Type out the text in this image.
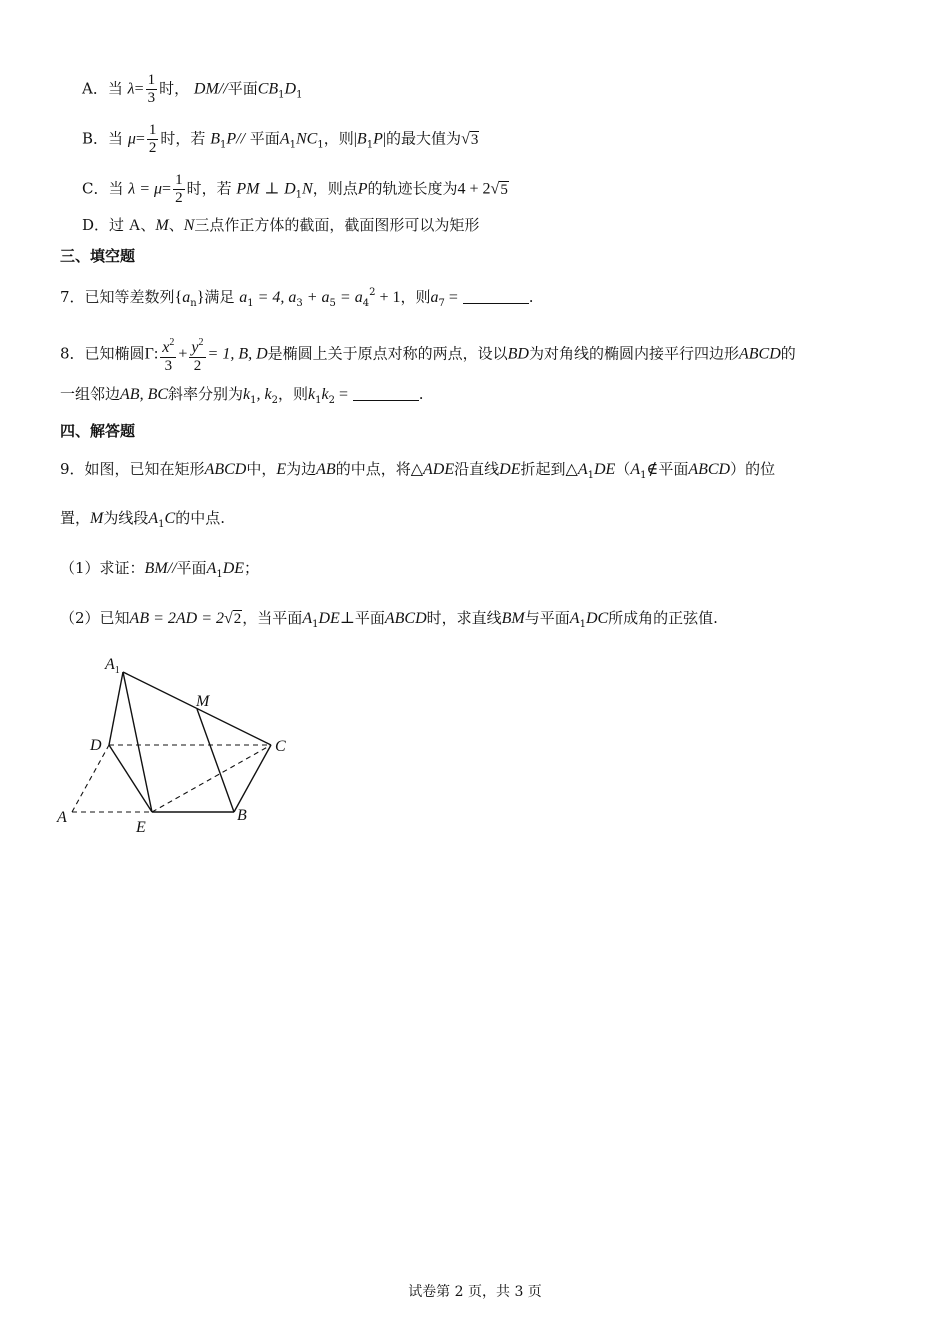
A．当 $\lambda= \frac{1}{3}$ 时， DM//平面$CB_1D_1$
B．当 $\mu= \frac{1}{2}$ 时，若 $B_1P//$ 平面$A_1NC_1$，则$|B_1P|$的最大值为√3
C．当 $\lambda = \mu= \frac{1}{2}$ 时，若 PM ⊥ $D_1N$，则点P的轨迹长度为4 + 2√5
D．过 A、M、N三点作正方体的截面，截面图形可以为矩形
三、填空题
7．已知等差数列$\{a_n\}$满足 $a_1 = 4$, $a_3 + a_5 = a_4^2 + 1$，则$a_7$ =	.
8．已知椭圆Γ: $\frac{x^2}{3} + \frac{y^2}{2} = 1$, B, D是椭圆上关于原点对称的两点，设以BD为对角线的椭圆内接平行四边形ABCD的
一组邻边AB, BC斜率分别为$k_1$, $k_2$，则$k_1k_2$ =	.
四、解答题
9．如图，已知在矩形ABCD中，E为边AB的中点，将△ADE沿直线DE折起到$\triangle A_1DE(A_1\notin$平面ABCD）的位
置，M为线段$A_1C$的中点.
（1）求证：BM//平面$A_1DE$；
（2）已知AB = 2AD = 2√2，当平面$A_1DE\perp$平面ABCD时，求直线BM与平面$A_1DC$所成角的正弦值.
$A_1$
M
D	C
A
E
B
试卷第 2 页，共 3 页
